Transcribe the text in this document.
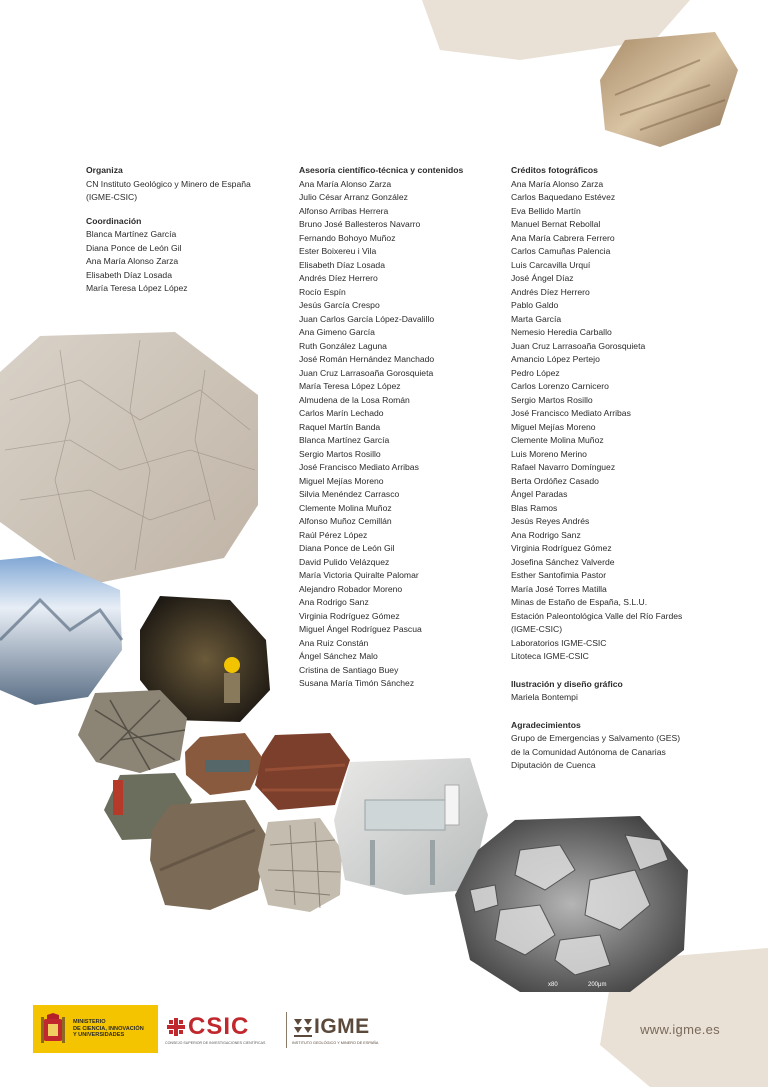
x80	200μm
Organiza
CN Instituto Geológico y Minero de España
(IGME-CSIC)
Coordinación
Blanca Martínez García
Diana Ponce de León Gil
Ana María Alonso Zarza
Elisabeth Díaz Losada
María Teresa López López
Asesoría científico-técnica y contenidos
Ana María Alonso Zarza
Julio César Arranz González
Alfonso Arribas Herrera
Bruno José Ballesteros Navarro
Fernando Bohoyo Muñoz
Ester Boixereu i Vila
Elisabeth Díaz Losada
Andrés Díez Herrero
Rocío Espín
Jesús García Crespo
Juan Carlos García López-Davalillo
Ana Gimeno García
Ruth González Laguna
José Román Hernández Manchado
Juan Cruz Larrasoaña Gorosquieta
María Teresa López López
Almudena de la Losa Román
Carlos Marín Lechado
Raquel Martín Banda
Blanca Martínez García
Sergio Martos Rosillo
José Francisco Mediato Arribas
Miguel Mejías Moreno
Silvia Menéndez Carrasco
Clemente Molina Muñoz
Alfonso Muñoz Cemillán
Raúl Pérez López
Diana Ponce de León Gil
David Pulido Velázquez
María Victoria Quiralte Palomar
Alejandro Robador Moreno
Ana Rodrigo Sanz
Virginia Rodríguez Gómez
Miguel Ángel Rodríguez Pascua
Ana Ruiz Constán
Ángel Sánchez Malo
Cristina de Santiago Buey
Susana María Timón Sánchez
Créditos fotográficos
Ana María Alonso Zarza
Carlos Baquedano Estévez
Eva Bellido Martín
Manuel Bernat Rebollal
Ana María Cabrera Ferrero
Carlos Camuñas Palencia
Luis Carcavilla Urquí
José Ángel Díaz
Andrés Díez Herrero
Pablo Galdo
Marta García
Nemesio Heredia Carballo
Juan Cruz Larrasoaña Gorosquieta
Amancio López Pertejo
Pedro López
Carlos Lorenzo Carnicero
Sergio Martos Rosillo
José Francisco Mediato Arribas
Miguel Mejías Moreno
Clemente Molina Muñoz
Luis Moreno Merino
Rafael Navarro Domínguez
Berta Ordóñez Casado
Ángel Paradas
Blas Ramos
Jesús Reyes Andrés
Ana Rodrigo Sanz
Virginia Rodríguez Gómez
Josefina Sánchez Valverde
Esther Santofimia Pastor
María José Torres Matilla
Minas de Estaño de España, S.L.U.
Estación Paleontológica Valle del Río Fardes
(IGME-CSIC)
Laboratorios IGME-CSIC
Litoteca IGME-CSIC
Ilustración y diseño gráfico
Mariela Bontempi
Agradecimientos
Grupo de Emergencias y Salvamento (GES)
de la Comunidad Autónoma de Canarias
Diputación de Cuenca
MINISTERIO
DE CIENCIA, INNOVACIÓN
Y UNIVERSIDADES	CSIC
CONSEJO SUPERIOR DE INVESTIGACIONES CIENTÍFICAS
IGME
INSTITUTO GEOLÓGICO Y MINERO DE ESPAÑA
www.igme.es
